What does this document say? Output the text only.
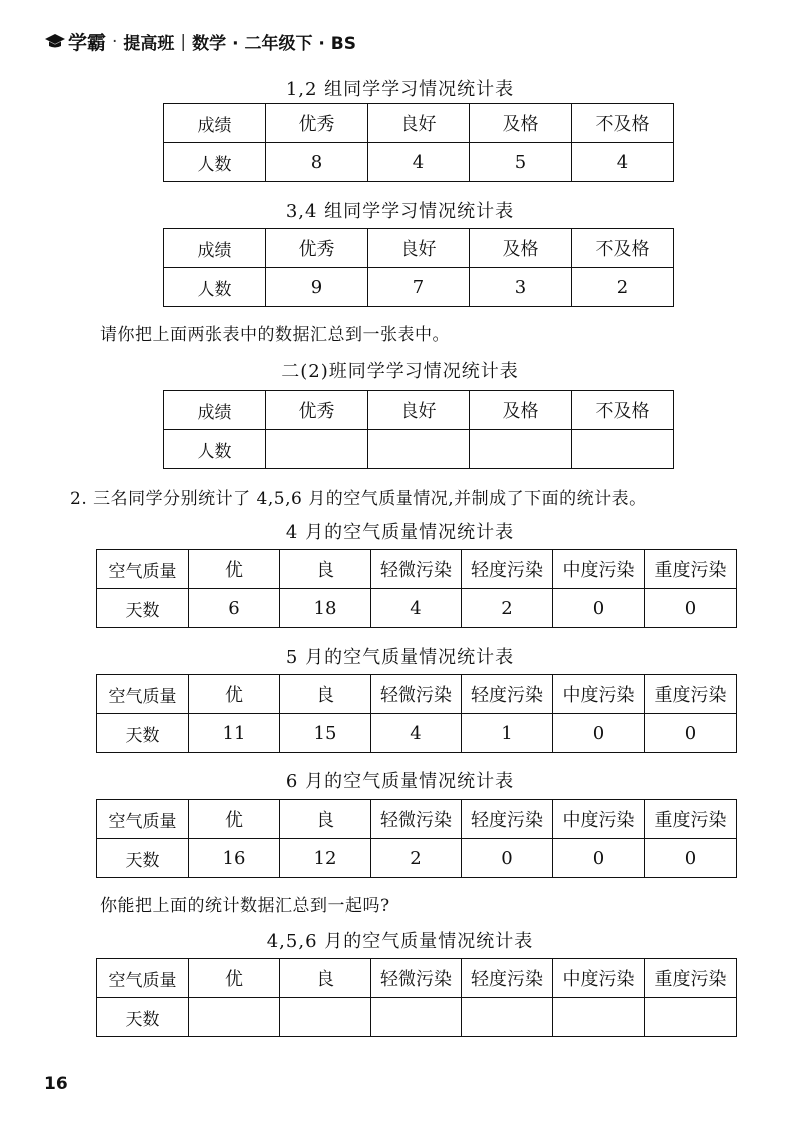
学霸 · 提高班 | 数学 · 二年级下 · BS
1,2 组同学学习情况统计表
成绩	优秀	良好	及格	不及格
人数	8	4	5	4
3,4 组同学学习情况统计表
成绩	优秀	良好	及格	不及格
人数	9	7	3	2
请你把上面两张表中的数据汇总到一张表中。
二(2)班同学学习情况统计表
成绩	优秀	良好	及格	不及格
人数				
2. 三名同学分别统计了 4,5,6 月的空气质量情况,并制成了下面的统计表。
4 月的空气质量情况统计表
空气质量	优	良	轻微污染	轻度污染	中度污染	重度污染
天数	6	18	4	2	0	0
5 月的空气质量情况统计表
空气质量	优	良	轻微污染	轻度污染	中度污染	重度污染
天数	11	15	4	1	0	0
6 月的空气质量情况统计表
空气质量	优	良	轻微污染	轻度污染	中度污染	重度污染
天数	16	12	2	0	0	0
你能把上面的统计数据汇总到一起吗?
4,5,6 月的空气质量情况统计表
空气质量	优	良	轻微污染	轻度污染	中度污染	重度污染
天数						
16
